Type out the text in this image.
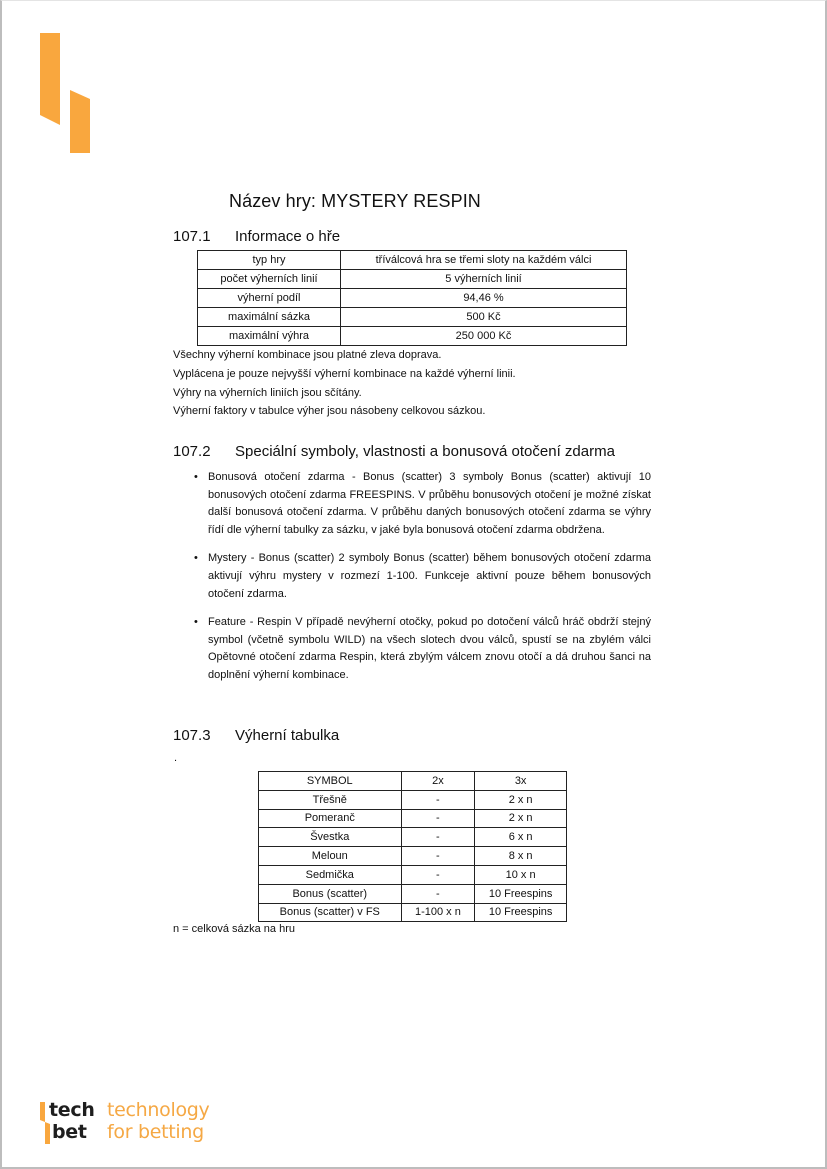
Název hry: MYSTERY RESPIN
107.1	Informace o hře
typ hry	tříválcová hra se třemi sloty na každém válci
počet výherních linií	5 výherních linií
výherní podíl	94,46 %
maximální sázka	500 Kč
maximální výhra	250 000 Kč
Všechny výherní kombinace jsou platné zleva doprava.
Vyplácena je pouze nejvyšší výherní kombinace na každé výherní linii.
Výhry na výherních liniích jsou sčítány.
Výherní faktory v tabulce výher jsou násobeny celkovou sázkou.
107.2	Speciální symboly, vlastnosti a bonusová otočení zdarma
• Bonusová otočení zdarma - Bonus (scatter) 3 symboly Bonus (scatter) aktivují 10 bonusových otočení zdarma FREESPINS. V průběhu bonusových otočení je možné získat další bonusová otočení zdarma. V průběhu daných bonusových otočení zdarma se výhry řídí dle výherní tabulky za sázku, v jaké byla bonusová otočení zdarma obdržena.
• Mystery - Bonus (scatter) 2 symboly Bonus (scatter) během bonusových otočení zdarma aktivují výhru mystery v rozmezí 1-100. Funkceje aktivní pouze během bonusových otočení zdarma.
• Feature - Respin V případě nevýherní otočky, pokud po dotočení válců hráč obdrží stejný symbol (včetně symbolu WILD) na všech slotech dvou válců, spustí se na zbylém válci Opětovné otočení zdarma Respin, která zbylým válcem znovu otočí a dá druhou šanci na doplnění výherní kombinace.
107.3	Výherní tabulka
.
SYMBOL	2x	3x
Třešně	-	2 x n
Pomeranč	-	2 x n
Švestka	-	6 x n
Meloun	-	8 x n
Sedmička	-	10 x n
Bonus (scatter)	-	10 Freespins
Bonus (scatter) v FS	1-100 x n	10 Freespins
n = celková sázka na hru
tech technology
bet for betting
